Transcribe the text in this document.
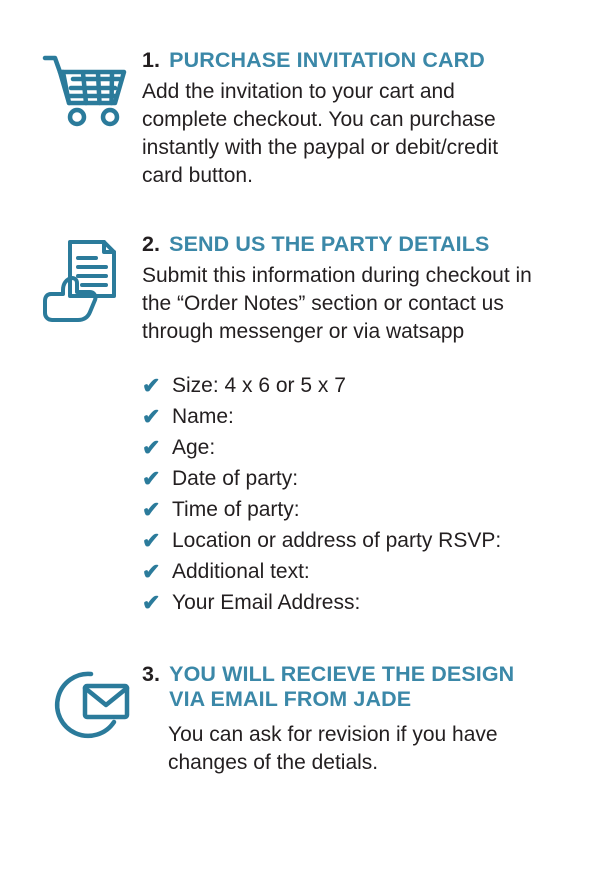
1. PURCHASE INVITATION CARD

Add the invitation to your cart and complete checkout. You can purchase instantly with the paypal or debit/credit card button.

2. SEND US THE PARTY DETAILS

Submit this information during checkout in the “Order Notes” section or contact us through messenger or via watsapp

✔ Size: 4 x 6 or 5 x 7
✔ Name:
✔ Age:
✔ Date of party:
✔ Time of party:
✔ Location or address of party RSVP:
✔ Additional text:
✔ Your Email Address:
3. YOU WILL RECIEVE THE DESIGN
VIA EMAIL FROM JADE

You can ask for revision if you have changes of the detials.
